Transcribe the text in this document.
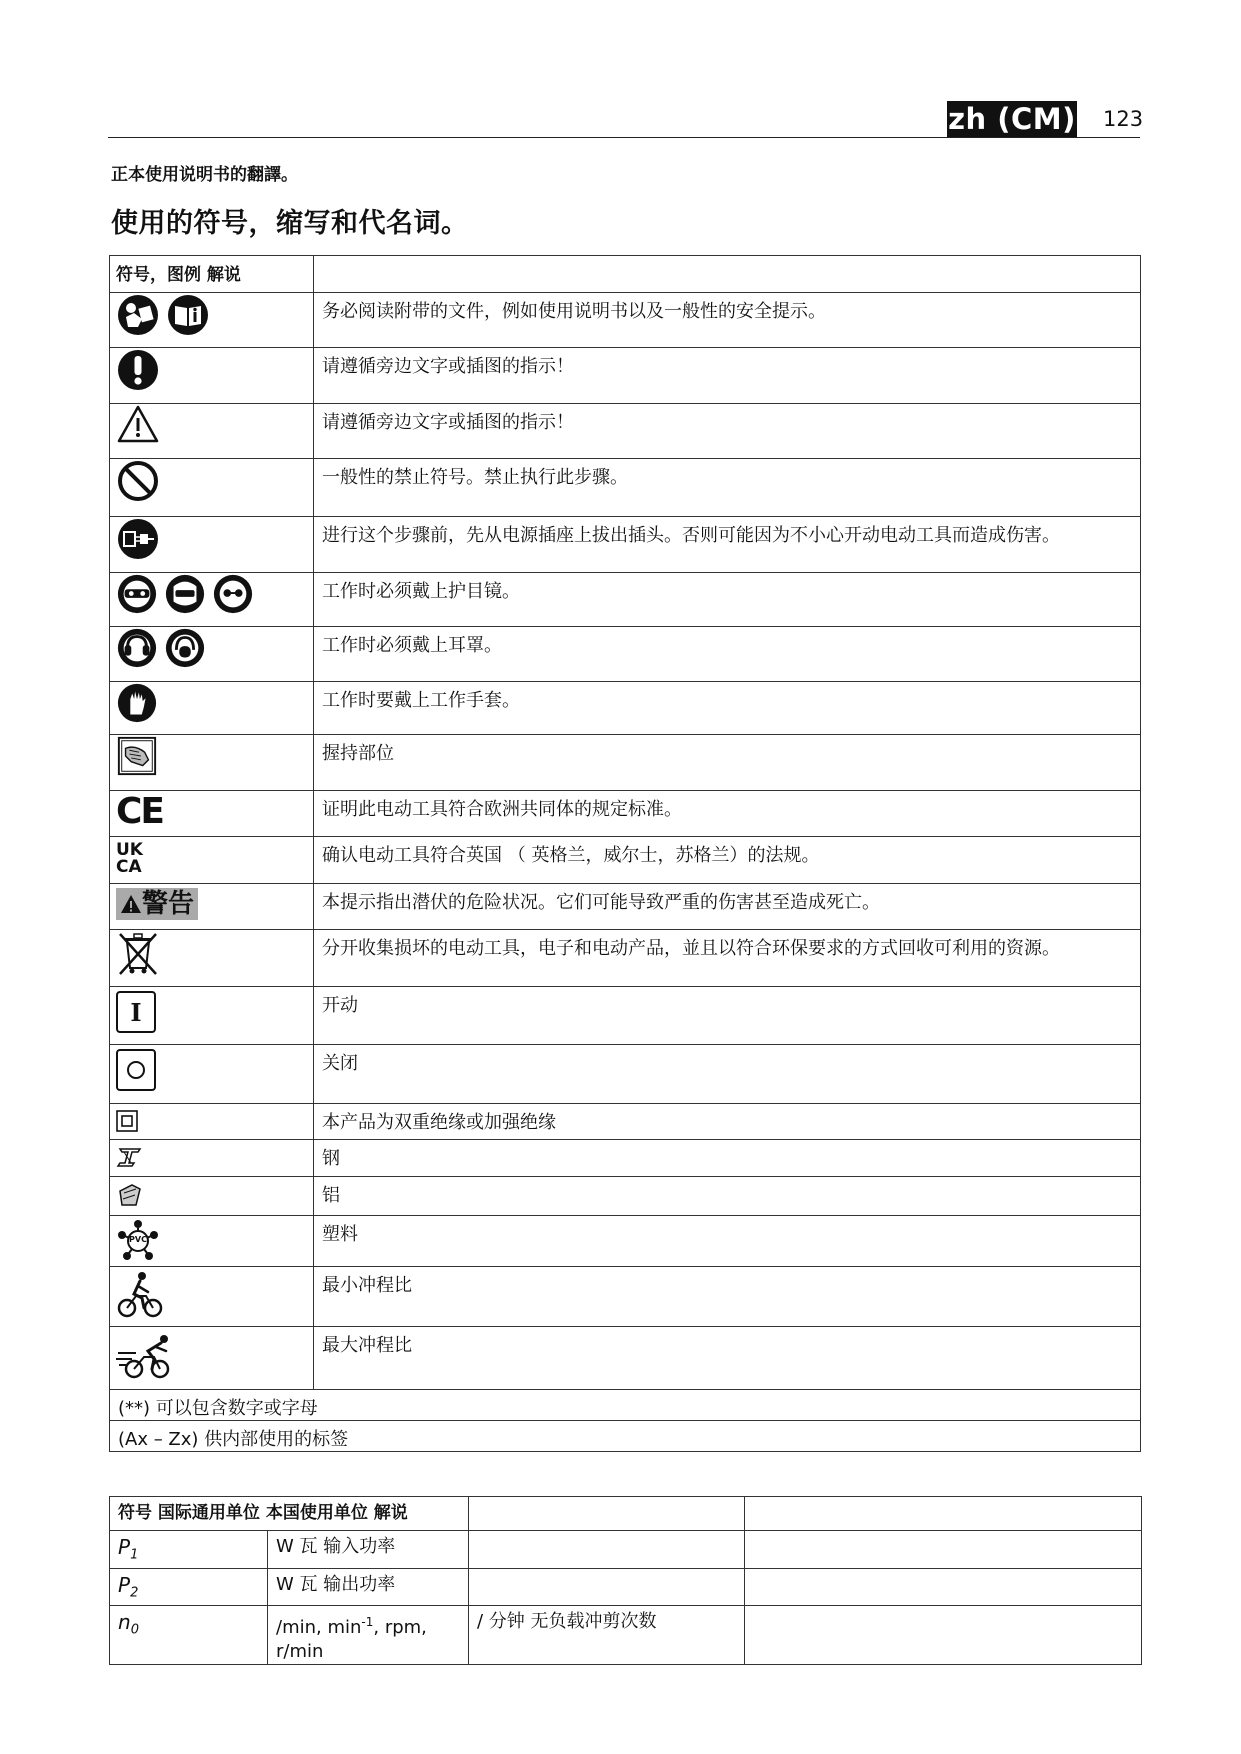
zh (CM) 123
正本使用说明书的翻譯。
使用的符号，缩写和代名词。
符号，图例 解说	

	务必阅读附带的文件，例如使用说明书以及一般性的安全提示。

	请遵循旁边文字或插图的指示！

	请遵循旁边文字或插图的指示！

	一般性的禁止符号。禁止执行此步骤。

	进行这个步骤前，先从电源插座上拔出插头。否则可能因为不小心开动电动工具而造成伤害。

	工作时必须戴上护目镜。

	工作时必须戴上耳罩。

	工作时要戴上工作手套。

	握持部位

CE	证明此电动工具符合欧洲共同体的规定标准。

UK
CA	确认电动工具符合英国 （ 英格兰，威尔士，苏格兰）的法规。

警告	本提示指出潜伏的危险状况。它们可能导致严重的伤害甚至造成死亡。

	分开收集损坏的电动工具，电子和电动产品，並且以符合环保要求的方式回收可利用的资源。

I	开动

	关闭

	本产品为双重绝缘或加强绝缘

	钢

	铝

PVC	塑料

	最小冲程比

	最大冲程比
(**) 可以包含数字或字母	
(Ax – Zx) 供内部使用的标签	
符号 国际通用单位 本国使用单位 解说			
$P_1$	W 瓦 输入功率		
$P_2$	W 瓦 输出功率		
$n_0$	/min, $\min^{-1}$, rpm, r/min	/ 分钟 无负载冲剪次数	
